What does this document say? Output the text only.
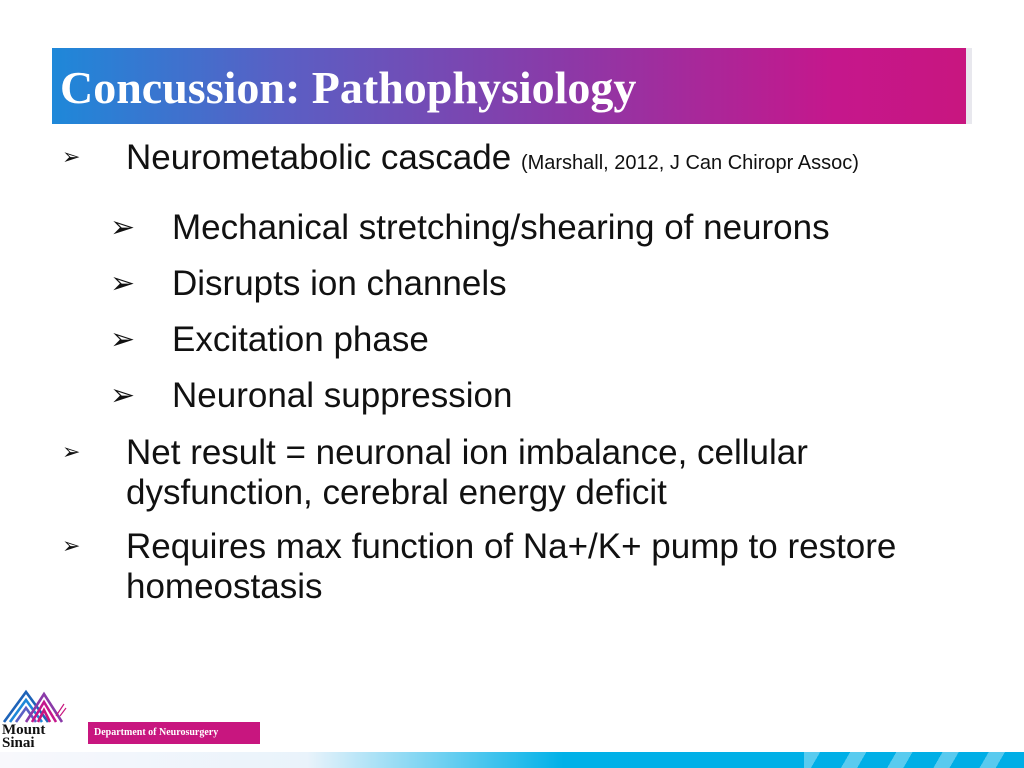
Concussion: Pathophysiology
➢ Neurometabolic cascade (Marshall, 2012, J Can Chiropr Assoc)
➢ Mechanical stretching/shearing of neurons
➢ Disrupts ion channels
➢ Excitation phase
➢ Neuronal suppression
➢ Net result = neuronal ion imbalance, cellular dysfunction, cerebral energy deficit
➢ Requires max function of Na+/K+ pump to restore homeostasis
Mount
Sinai
Department of Neurosurgery
